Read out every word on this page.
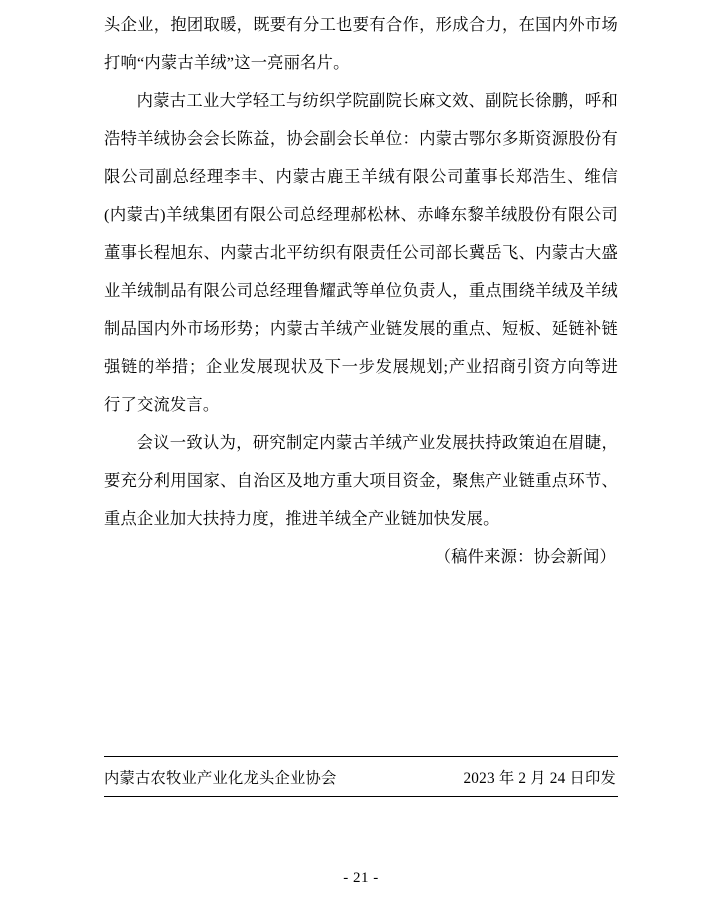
头企业，抱团取暖，既要有分工也要有合作，形成合力，在国内外市场打响“内蒙古羊绒”这一亮丽名片。

内蒙古工业大学轻工与纺织学院副院长麻文效、副院长徐鹏，呼和浩特羊绒协会会长陈益，协会副会长单位：内蒙古鄂尔多斯资源股份有限公司副总经理李丰、内蒙古鹿王羊绒有限公司董事长郑浩生、维信(内蒙古)羊绒集团有限公司总经理郝松林、赤峰东黎羊绒股份有限公司董事长程旭东、内蒙古北平纺织有限责任公司部长冀岳飞、内蒙古大盛业羊绒制品有限公司总经理鲁耀武等单位负责人，重点围绕羊绒及羊绒制品国内外市场形势；内蒙古羊绒产业链发展的重点、短板、延链补链强链的举措；企业发展现状及下一步发展规划;产业招商引资方向等进行了交流发言。

会议一致认为，研究制定内蒙古羊绒产业发展扶持政策迫在眉睫，要充分利用国家、自治区及地方重大项目资金，聚焦产业链重点环节、重点企业加大扶持力度，推进羊绒全产业链加快发展。

（稿件来源：协会新闻）

内蒙古农牧业产业化龙头企业协会	2023 年 2 月 24 日印发
- 21 -
